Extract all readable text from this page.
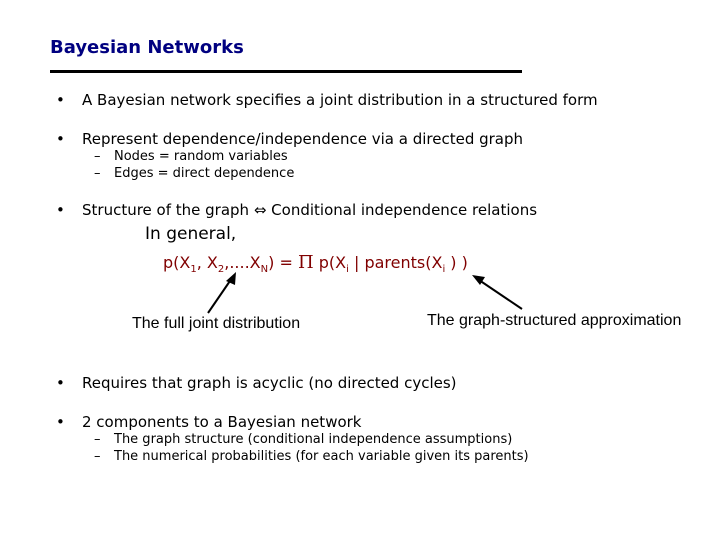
Bayesian Networks
• A Bayesian network specifies a joint distribution in a structured form
• Represent dependence/independence via a directed graph
– Nodes = random variables
– Edges = direct dependence
• Structure of the graph ⇔ Conditional independence relations
In general,
$p(X_1$, $X_2,....X_N) = \Pi$ $p(X_i$ | $parents(X_i$ ) )
The full joint distribution	The graph-structured approximation
• Requires that graph is acyclic (no directed cycles)
• 2 components to a Bayesian network
– The graph structure (conditional independence assumptions)
– The numerical probabilities (for each variable given its parents)
